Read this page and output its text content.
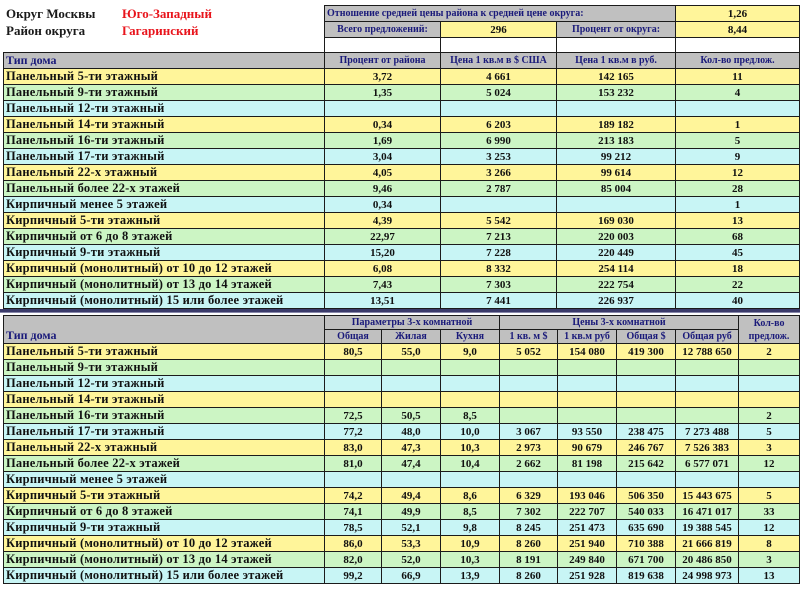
Округ Москвы Юго-Западный
Район округа	Гагаринский
Отношение средней цены района к средней цене округа:			1,26
Всего предложений:	296	Процент от округа:	8,44

Тип дома	Процент от района	Цена 1 кв.м в $ США	Цена 1 кв.м в руб.	Кол-во предлож.
Панельный 5-ти этажный	3,72	4 661	142 165	11
Панельный 9-ти этажный	1,35	5 024	153 232	4
Панельный 12-ти этажный				
Панельный 14-ти этажный	0,34	6 203	189 182	1
Панельный 16-ти этажный	1,69	6 990	213 183	5
Панельный 17-ти этажный	3,04	3 253	99 212	9
Панельный 22-х этажный	4,05	3 266	99 614	12
Панельный более 22-х этажей	9,46	2 787	85 004	28
Кирпичный менее 5 этажей	0,34			1
Кирпичный 5-ти этажный	4,39	5 542	169 030	13
Кирпичный от 6 до 8 этажей	22,97	7 213	220 003	68
Кирпичный 9-ти этажный	15,20	7 228	220 449	45
Кирпичный (монолитный) от 10 до 12 этажей	6,08	8 332	254 114	18
Кирпичный (монолитный) от 13 до 14 этажей	7,43	7 303	222 754	22
Кирпичный (монолитный) 15 или более этажей	13,51	7 441	226 937	40
Тип дома	Параметры 3-х комнатной			Цены 3-х комнатной				Кол-во предлож.
	Общая	Жилая	Кухня	1 кв. м $	1 кв.м руб	Общая $	Общая руб	
Панельный 5-ти этажный	80,5	55,0	9,0	5 052	154 080	419 300	12 788 650	2
Панельный 9-ти этажный								
Панельный 12-ти этажный								
Панельный 14-ти этажный								
Панельный 16-ти этажный	72,5	50,5	8,5					2
Панельный 17-ти этажный	77,2	48,0	10,0	3 067	93 550	238 475	7 273 488	5
Панельный 22-х этажный	83,0	47,3	10,3	2 973	90 679	246 767	7 526 383	3
Панельный более 22-х этажей	81,0	47,4	10,4	2 662	81 198	215 642	6 577 071	12
Кирпичный менее 5 этажей								
Кирпичный 5-ти этажный	74,2	49,4	8,6	6 329	193 046	506 350	15 443 675	5
Кирпичный от 6 до 8 этажей	74,1	49,9	8,5	7 302	222 707	540 033	16 471 017	33
Кирпичный 9-ти этажный	78,5	52,1	9,8	8 245	251 473	635 690	19 388 545	12
Кирпичный (монолитный) от 10 до 12 этажей	86,0	53,3	10,9	8 260	251 940	710 388	21 666 819	8
Кирпичный (монолитный) от 13 до 14 этажей	82,0	52,0	10,3	8 191	249 840	671 700	20 486 850	3
Кирпичный (монолитный) 15 или более этажей	99,2	66,9	13,9	8 260	251 928	819 638	24 998 973	13
